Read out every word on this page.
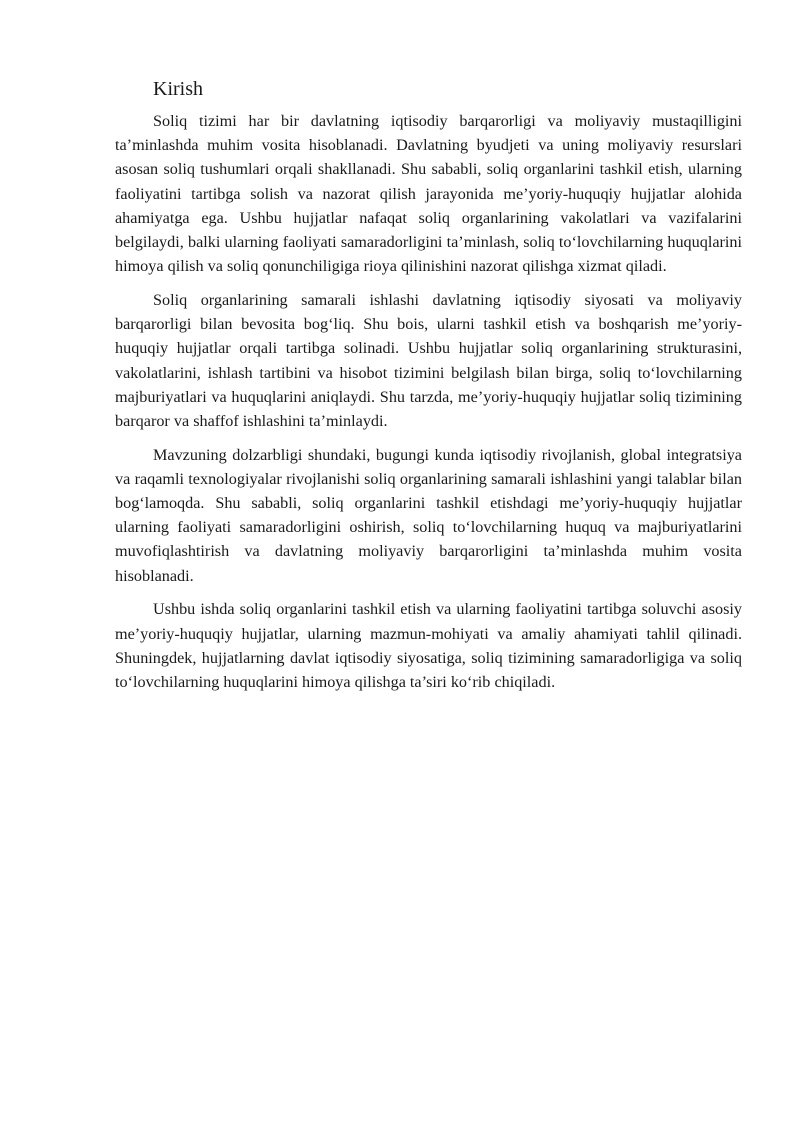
Kirish

Soliq tizimi har bir davlatning iqtisodiy barqarorligi va moliyaviy mustaqilligini ta’minlashda muhim vosita hisoblanadi. Davlatning byudjeti va uning moliyaviy resurslari asosan soliq tushumlari orqali shakllanadi. Shu sababli, soliq organlarini tashkil etish, ularning faoliyatini tartibga solish va nazorat qilish jarayonida me’yoriy-huquqiy hujjatlar alohida ahamiyatga ega. Ushbu hujjatlar nafaqat soliq organlarining vakolatlari va vazifalarini belgilaydi, balki ularning faoliyati samaradorligini ta’minlash, soliq to‘lovchilarning huquqlarini himoya qilish va soliq qonunchiligiga rioya qilinishini nazorat qilishga xizmat qiladi.

Soliq organlarining samarali ishlashi davlatning iqtisodiy siyosati va moliyaviy barqarorligi bilan bevosita bog‘liq. Shu bois, ularni tashkil etish va boshqarish me’yoriy-huquqiy hujjatlar orqali tartibga solinadi. Ushbu hujjatlar soliq organlarining strukturasini, vakolatlarini, ishlash tartibini va hisobot tizimini belgilash bilan birga, soliq to‘lovchilarning majburiyatlari va huquqlarini aniqlaydi. Shu tarzda, me’yoriy-huquqiy hujjatlar soliq tizimining barqaror va shaffof ishlashini ta’minlaydi.

Mavzuning dolzarbligi shundaki, bugungi kunda iqtisodiy rivojlanish, global integratsiya va raqamli texnologiyalar rivojlanishi soliq organlarining samarali ishlashini yangi talablar bilan bog‘lamoqda. Shu sababli, soliq organlarini tashkil etishdagi me’yoriy-huquqiy hujjatlar ularning faoliyati samaradorligini oshirish, soliq to‘lovchilarning huquq va majburiyatlarini muvofiqlashtirish va davlatning moliyaviy barqarorligini ta’minlashda muhim vosita hisoblanadi.

Ushbu ishda soliq organlarini tashkil etish va ularning faoliyatini tartibga soluvchi asosiy me’yoriy-huquqiy hujjatlar, ularning mazmun-mohiyati va amaliy ahamiyati tahlil qilinadi. Shuningdek, hujjatlarning davlat iqtisodiy siyosatiga, soliq tizimining samaradorligiga va soliq to‘lovchilarning huquqlarini himoya qilishga ta’siri ko‘rib chiqiladi.
